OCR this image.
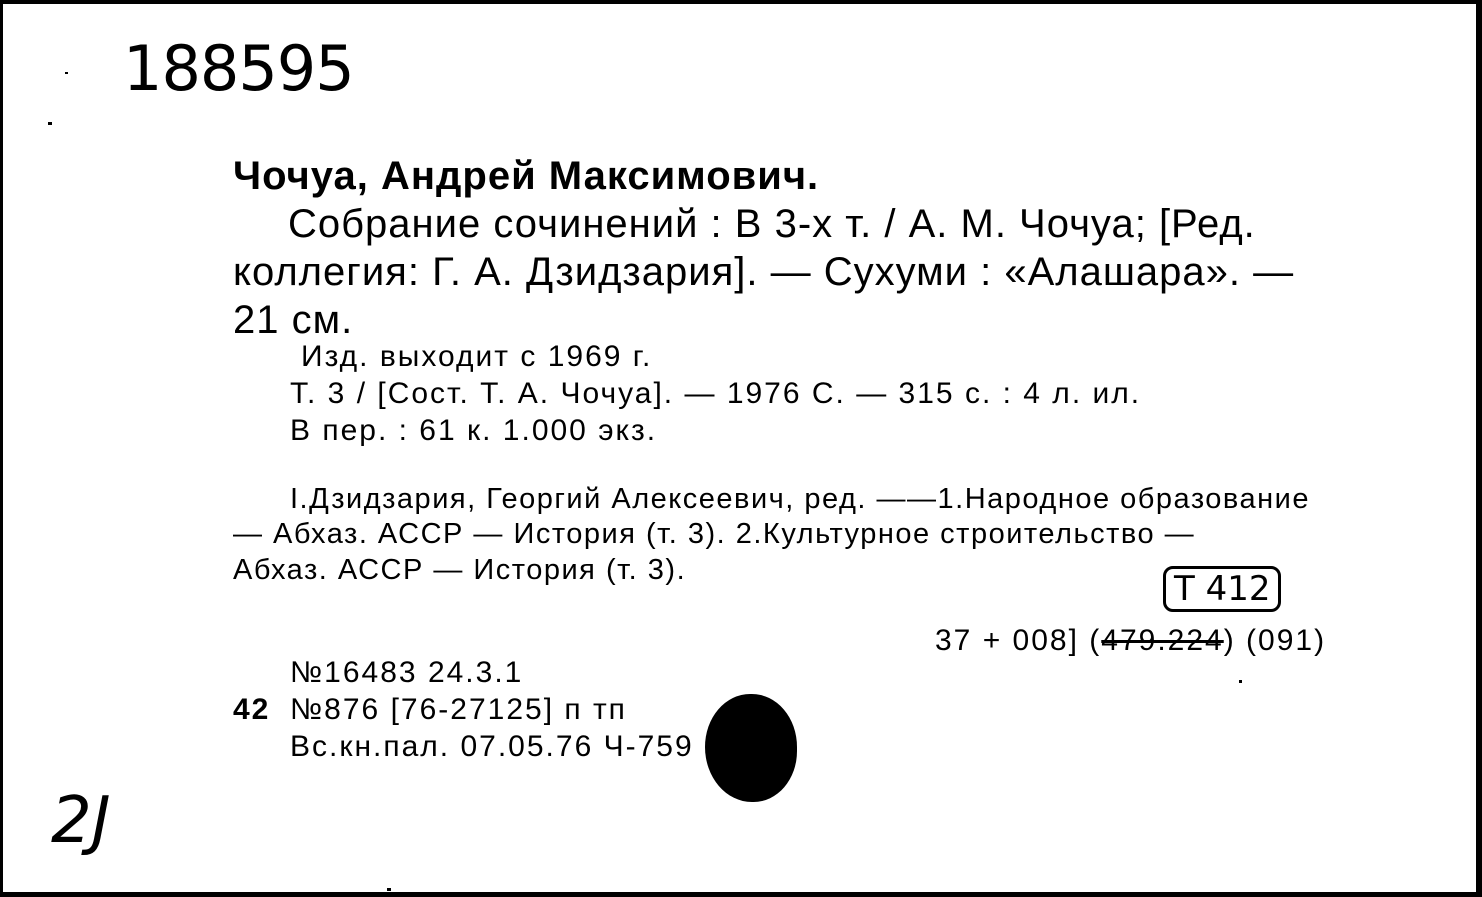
188595
2J
Чочуа, Андрей Максимович.
Собрание сочинений : В 3-х т. / А. М. Чочуа; [Ред.
коллегия: Г. А. Дзидзария]. — Сухуми : «Алашара». —
21 см.
Изд. выходит с 1969 г.
Т. 3 / [Сост. Т. А. Чочуа]. — 1976 С. — 315 с. : 4 л. ил.
В пер. : 61 к. 1.000 экз.
I.Дзидзария, Георгий Алексеевич, ред. ——1.Народное образование
— Абхаз. АССР — История (т. 3). 2.Культурное строительство —
Абхаз. АССР — История (т. 3).	Т 412
37 + 008] (479.224) (091)
№16483 24.3.1
42 №876 [76-27125] п тп
Вс.кн.пал. 07.05.76 Ч-759
